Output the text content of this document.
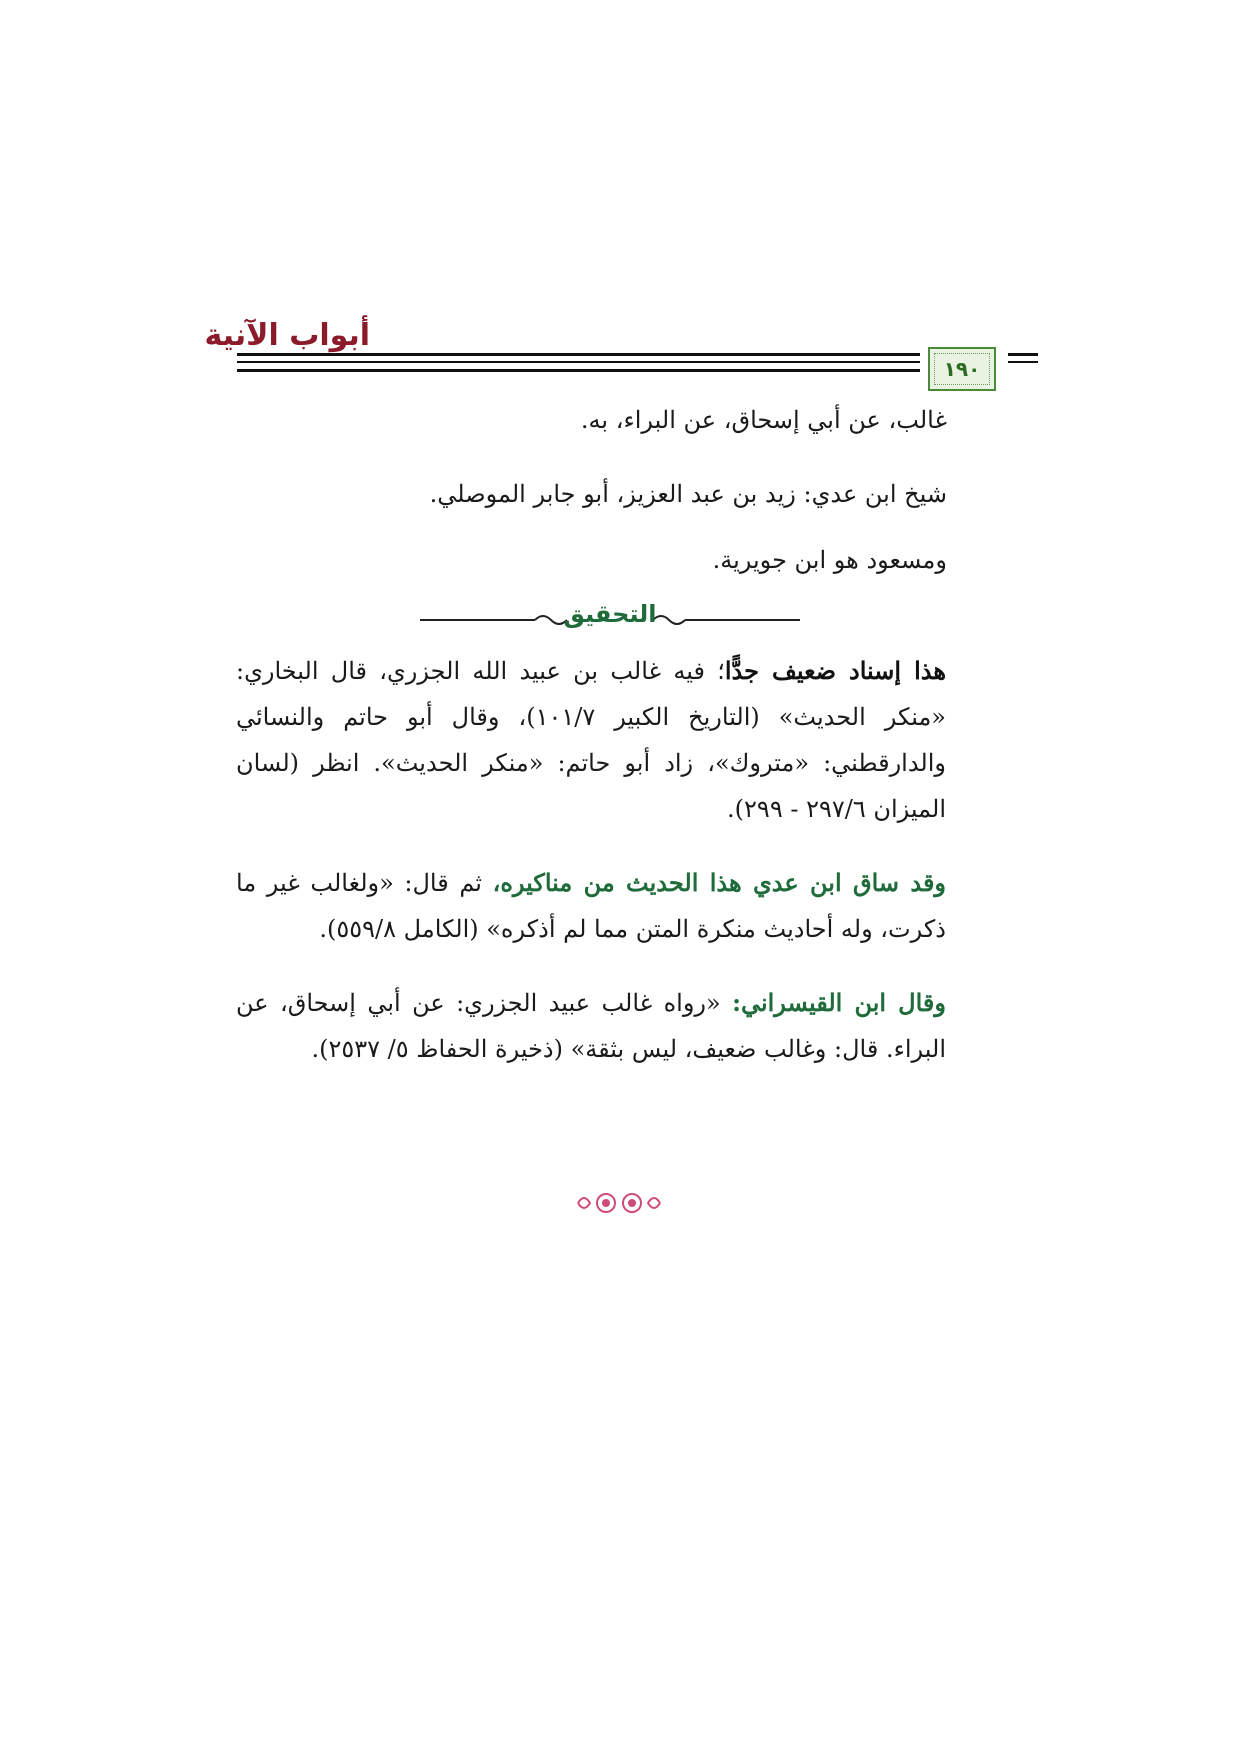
أبواب الآنية
١٩٠
غالب، عن أبي إسحاق، عن البراء، به.
شيخ ابن عدي: زيد بن عبد العزيز، أبو جابر الموصلي.
ومسعود هو ابن جويرية.
التحقيق
هذا إسناد ضعيف جدًّا؛ فيه غالب بن عبيد الله الجزري، قال البخاري: «منكر الحديث» (التاريخ الكبير ١٠١/٧)، وقال أبو حاتم والنسائي والدارقطني: «متروك»، زاد أبو حاتم: «منكر الحديث». انظر (لسان الميزان ٢٩٧/٦ - ٢٩٩).
وقد ساق ابن عدي هذا الحديث من مناكيره، ثم قال: «ولغالب غير ما ذكرت، وله أحاديث منكرة المتن مما لم أذكره» (الكامل ٥٥٩/٨).
وقال ابن القيسراني: «رواه غالب عبيد الجزري: عن أبي إسحاق، عن البراء. قال: وغالب ضعيف، ليس بثقة» (ذخيرة الحفاظ ٥/ ٢٥٣٧).
